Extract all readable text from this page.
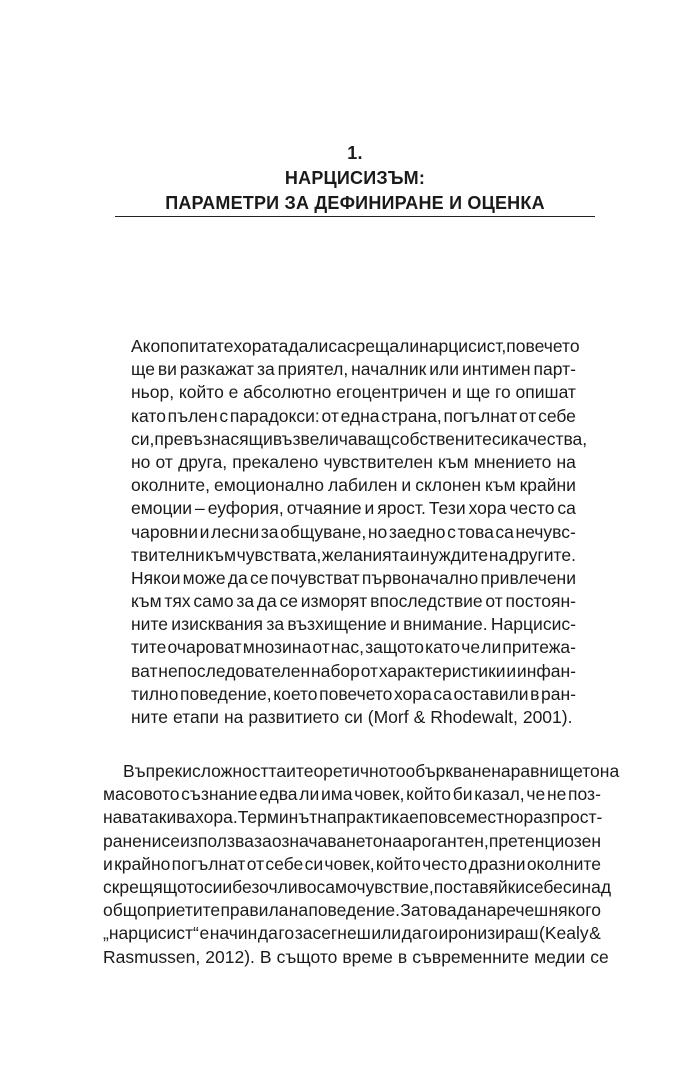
1.
НАРЦИСИЗЪМ:
ПАРАМЕТРИ ЗА ДЕФИНИРАНЕ И ОЦЕНКА
Ако попитате хората дали са срещали нарцисист, повечето
ще ви разкажат за приятел, началник или интимен парт-
ньор, който е абсолютно егоцентричен и ще го опишат
като пълен с парадокси: от една страна, погълнат от себе
си, превъзнасящ и възвеличаващ собствените си качества,
но от друга, прекалено чувствителен към мнението на
околните, емоционално лабилен и склонен към крайни
емоции – еуфория, отчаяние и ярост. Тези хора често са
чаровни и лесни за общуване, но заедно с това са нечувс-
твителни към чувствата, желанията и нуждите на другите.
Някои може да се почувстват първоначално привлечени
към тях само за да се изморят впоследствие от постоян-
ните изисквания за възхищение и внимание. Нарцисис-
тите очароват мнозина от нас, защото като че ли притежа-
ват непоследователен набор от характеристики и инфан-
тилно поведение, което повечето хора са оставили в ран-
ните етапи на развитието си (Morf & Rhodewalt, 2001).
Въпреки сложността и теоретичното объркване на равнището на
масовото съзнание едва ли има човек, който би казал, че не поз-
нава такива хора. Терминът на практика е повсеместно разпрост-
ранен и се използва за означаването на арогантен, претенциозен
и крайно погълнат от себе си човек, който често дразни околните
с крещящото си и безочливо самочувствие, поставяйки себе си над
общоприетите правила на поведение. Затова да наречеш някого
„нарцисист“ е начин да го засегнеш или да го иронизираш (Kealy &
Rasmussen, 2012). В същото време в съвременните медии се
